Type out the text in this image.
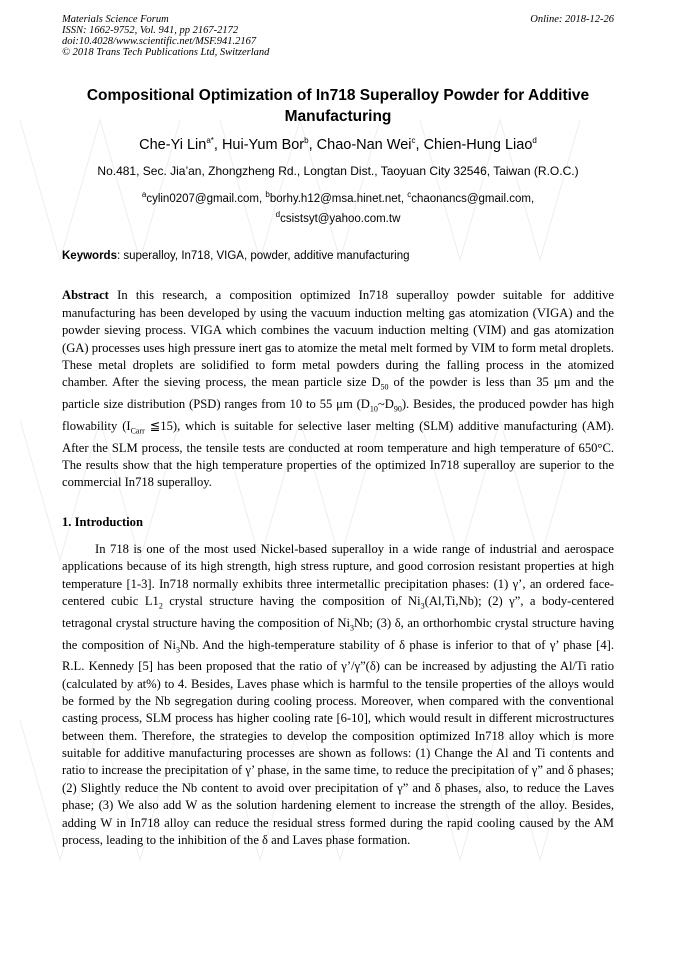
Materials Science Forum	Online: 2018-12-26
ISSN: 1662-9752, Vol. 941, pp 2167-2172
doi:10.4028/www.scientific.net/MSF.941.2167
© 2018 Trans Tech Publications Ltd, Switzerland
Compositional Optimization of In718 Superalloy Powder for Additive Manufacturing
Che-Yi Lin$^{a*}$, Hui-Yum Bor$^b$, Chao-Nan Wei$^c$, Chien-Hung Liao$^d$
No.481, Sec. Jia’an, Zhongzheng Rd., Longtan Dist., Taoyuan City 32546, Taiwan (R.O.C.)
$^a$cylin0207@gmail.com, $^b$borhy.h12@msa.hinet.net, $^c$chaonancs@gmail.com,
$^d$csistsyt@yahoo.com.tw
Keywords: superalloy, In718, VIGA, powder, additive manufacturing
Abstract In this research, a composition optimized In718 superalloy powder suitable for additive manufacturing has been developed by using the vacuum induction melting gas atomization (VIGA) and the powder sieving process. VIGA which combines the vacuum induction melting (VIM) and gas atomization (GA) processes uses high pressure inert gas to atomize the metal melt formed by VIM to form metal droplets. These metal droplets are solidified to form metal powders during the falling process in the atomized chamber. After the sieving process, the mean particle size $D_{50}$ of the powder is less than 35 μm and the particle size distribution (PSD) ranges from 10 to 55 μm $(D_{10}\sim D_{90})$. Besides, the produced powder has high flowability ($I_{Carr}$ ≦15), which is suitable for selective laser melting (SLM) additive manufacturing (AM). After the SLM process, the tensile tests are conducted at room temperature and high temperature of 650°C. The results show that the high temperature properties of the optimized In718 superalloy are superior to the commercial In718 superalloy.
1. Introduction
In 718 is one of the most used Nickel-based superalloy in a wide range of industrial and aerospace applications because of its high strength, high stress rupture, and good corrosion resistant properties at high temperature [1-3]. In718 normally exhibits three intermetallic precipitation phases: (1) γ’, an ordered face-centered cubic $L1_2$ crystal structure having the composition of $Ni_3(Al,Ti,Nb)$; (2) γ”, a body-centered tetragonal crystal structure having the composition of $Ni_3Nb$; (3) δ, an orthorhombic crystal structure having the composition of $Ni_3Nb$. And the high-temperature stability of δ phase is inferior to that of γ’ phase [4]. R.L. Kennedy [5] has been proposed that the ratio of γ’/γ”(δ) can be increased by adjusting the Al/Ti ratio (calculated by at%) to 4. Besides, Laves phase which is harmful to the tensile properties of the alloys would be formed by the Nb segregation during cooling process. Moreover, when compared with the conventional casting process, SLM process has higher cooling rate [6-10], which would result in different microstructures between them. Therefore, the strategies to develop the composition optimized In718 alloy which is more suitable for additive manufacturing processes are shown as follows: (1) Change the Al and Ti contents and ratio to increase the precipitation of γ’ phase, in the same time, to reduce the precipitation of γ” and δ phases; (2) Slightly reduce the Nb content to avoid over precipitation of γ” and δ phases, also, to reduce the Laves phase; (3) We also add W as the solution hardening element to increase the strength of the alloy. Besides, adding W in In718 alloy can reduce the residual stress formed during the rapid cooling caused by the AM process, leading to the inhibition of the δ and Laves phase formation.
